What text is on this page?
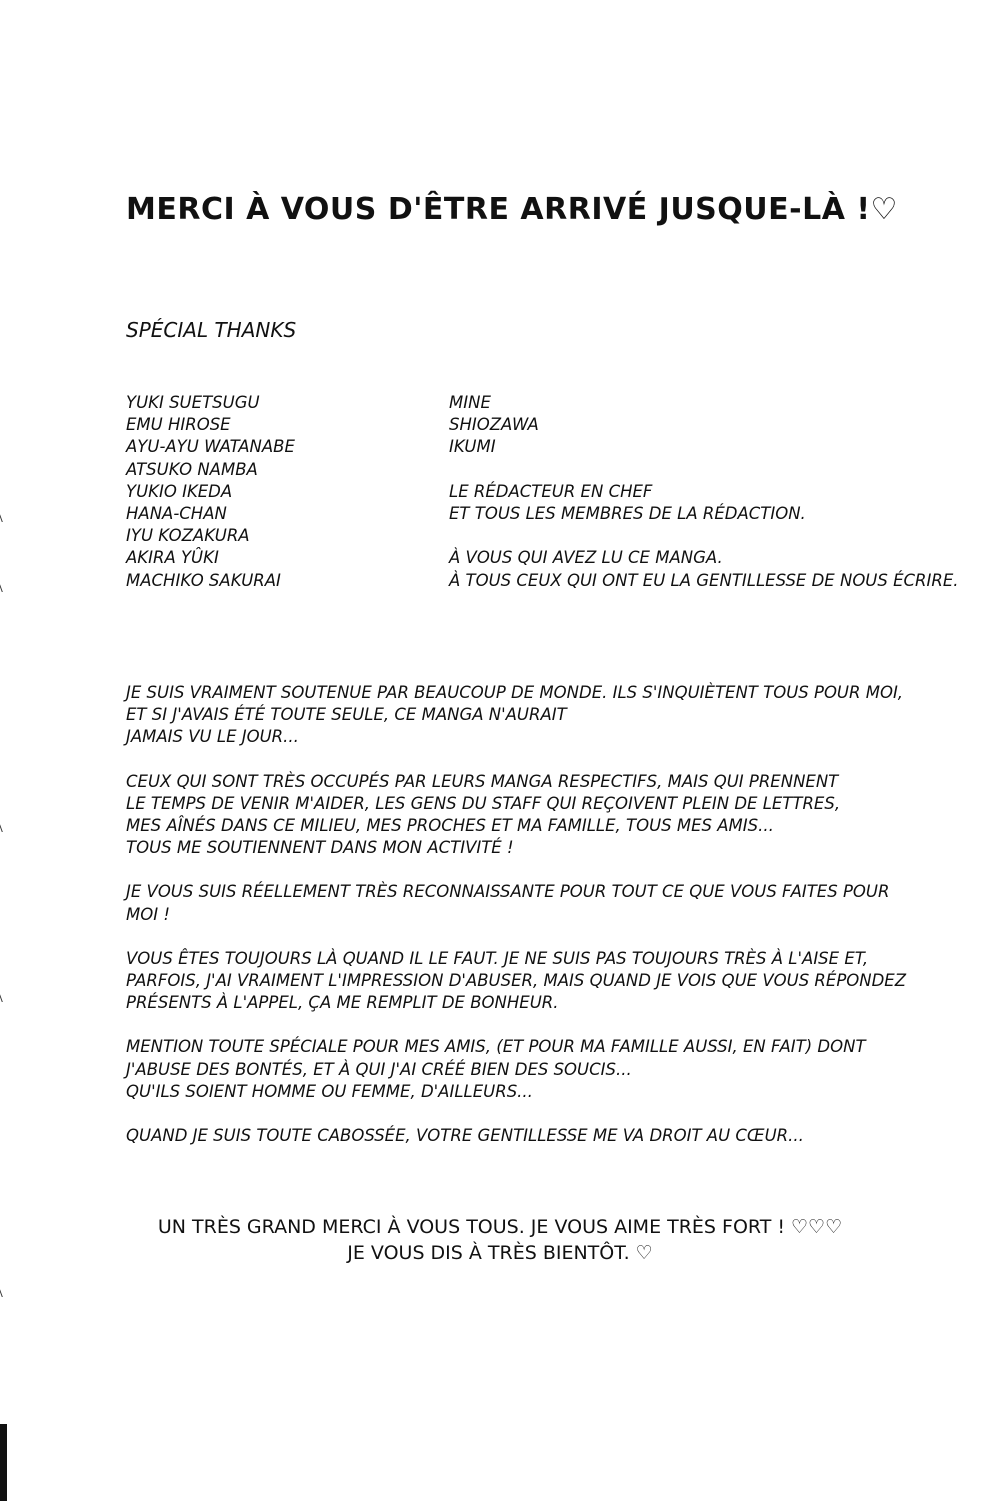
MERCI À VOUS D'ÊTRE ARRIVÉ JUSQUE-LÀ !♡
SPÉCIAL THANKS
YUKI SUETSUGU
EMU HIROSE
AYU-AYU WATANABE
ATSUKO NAMBA
YUKIO IKEDA
HANA-CHAN
IYU KOZAKURA
AKIRA YÛKI
MACHIKO SAKURAI
MINE
SHIOZAWA
IKUMI
LE RÉDACTEUR EN CHEF
ET TOUS LES MEMBRES DE LA RÉDACTION.
À VOUS QUI AVEZ LU CE MANGA.
À TOUS CEUX QUI ONT EU LA GENTILLESSE DE NOUS ÉCRIRE.
JE SUIS VRAIMENT SOUTENUE PAR BEAUCOUP DE MONDE. ILS S'INQUIÈTENT TOUS POUR MOI,
ET SI J'AVAIS ÉTÉ TOUTE SEULE, CE MANGA N'AURAIT
JAMAIS VU LE JOUR...
CEUX QUI SONT TRÈS OCCUPÉS PAR LEURS MANGA RESPECTIFS, MAIS QUI PRENNENT
LE TEMPS DE VENIR M'AIDER, LES GENS DU STAFF QUI REÇOIVENT PLEIN DE LETTRES,
MES AÎNÉS DANS CE MILIEU, MES PROCHES ET MA FAMILLE, TOUS MES AMIS...
TOUS ME SOUTIENNENT DANS MON ACTIVITÉ !
JE VOUS SUIS RÉELLEMENT TRÈS RECONNAISSANTE POUR TOUT CE QUE VOUS FAITES POUR
MOI !
VOUS ÊTES TOUJOURS LÀ QUAND IL LE FAUT. JE NE SUIS PAS TOUJOURS TRÈS À L'AISE ET,
PARFOIS, J'AI VRAIMENT L'IMPRESSION D'ABUSER, MAIS QUAND JE VOIS QUE VOUS RÉPONDEZ
PRÉSENTS À L'APPEL, ÇA ME REMPLIT DE BONHEUR.
MENTION TOUTE SPÉCIALE POUR MES AMIS, (ET POUR MA FAMILLE AUSSI, EN FAIT) DONT
J'ABUSE DES BONTÉS, ET À QUI J'AI CRÉÉ BIEN DES SOUCIS...
QU'ILS SOIENT HOMME OU FEMME, D'AILLEURS...
QUAND JE SUIS TOUTE CABOSSÉE, VOTRE GENTILLESSE ME VA DROIT AU CŒUR...
UN TRÈS GRAND MERCI À VOUS TOUS. JE VOUS AIME TRÈS FORT ! ♡♡♡
JE VOUS DIS À TRÈS BIENTÔT. ♡
